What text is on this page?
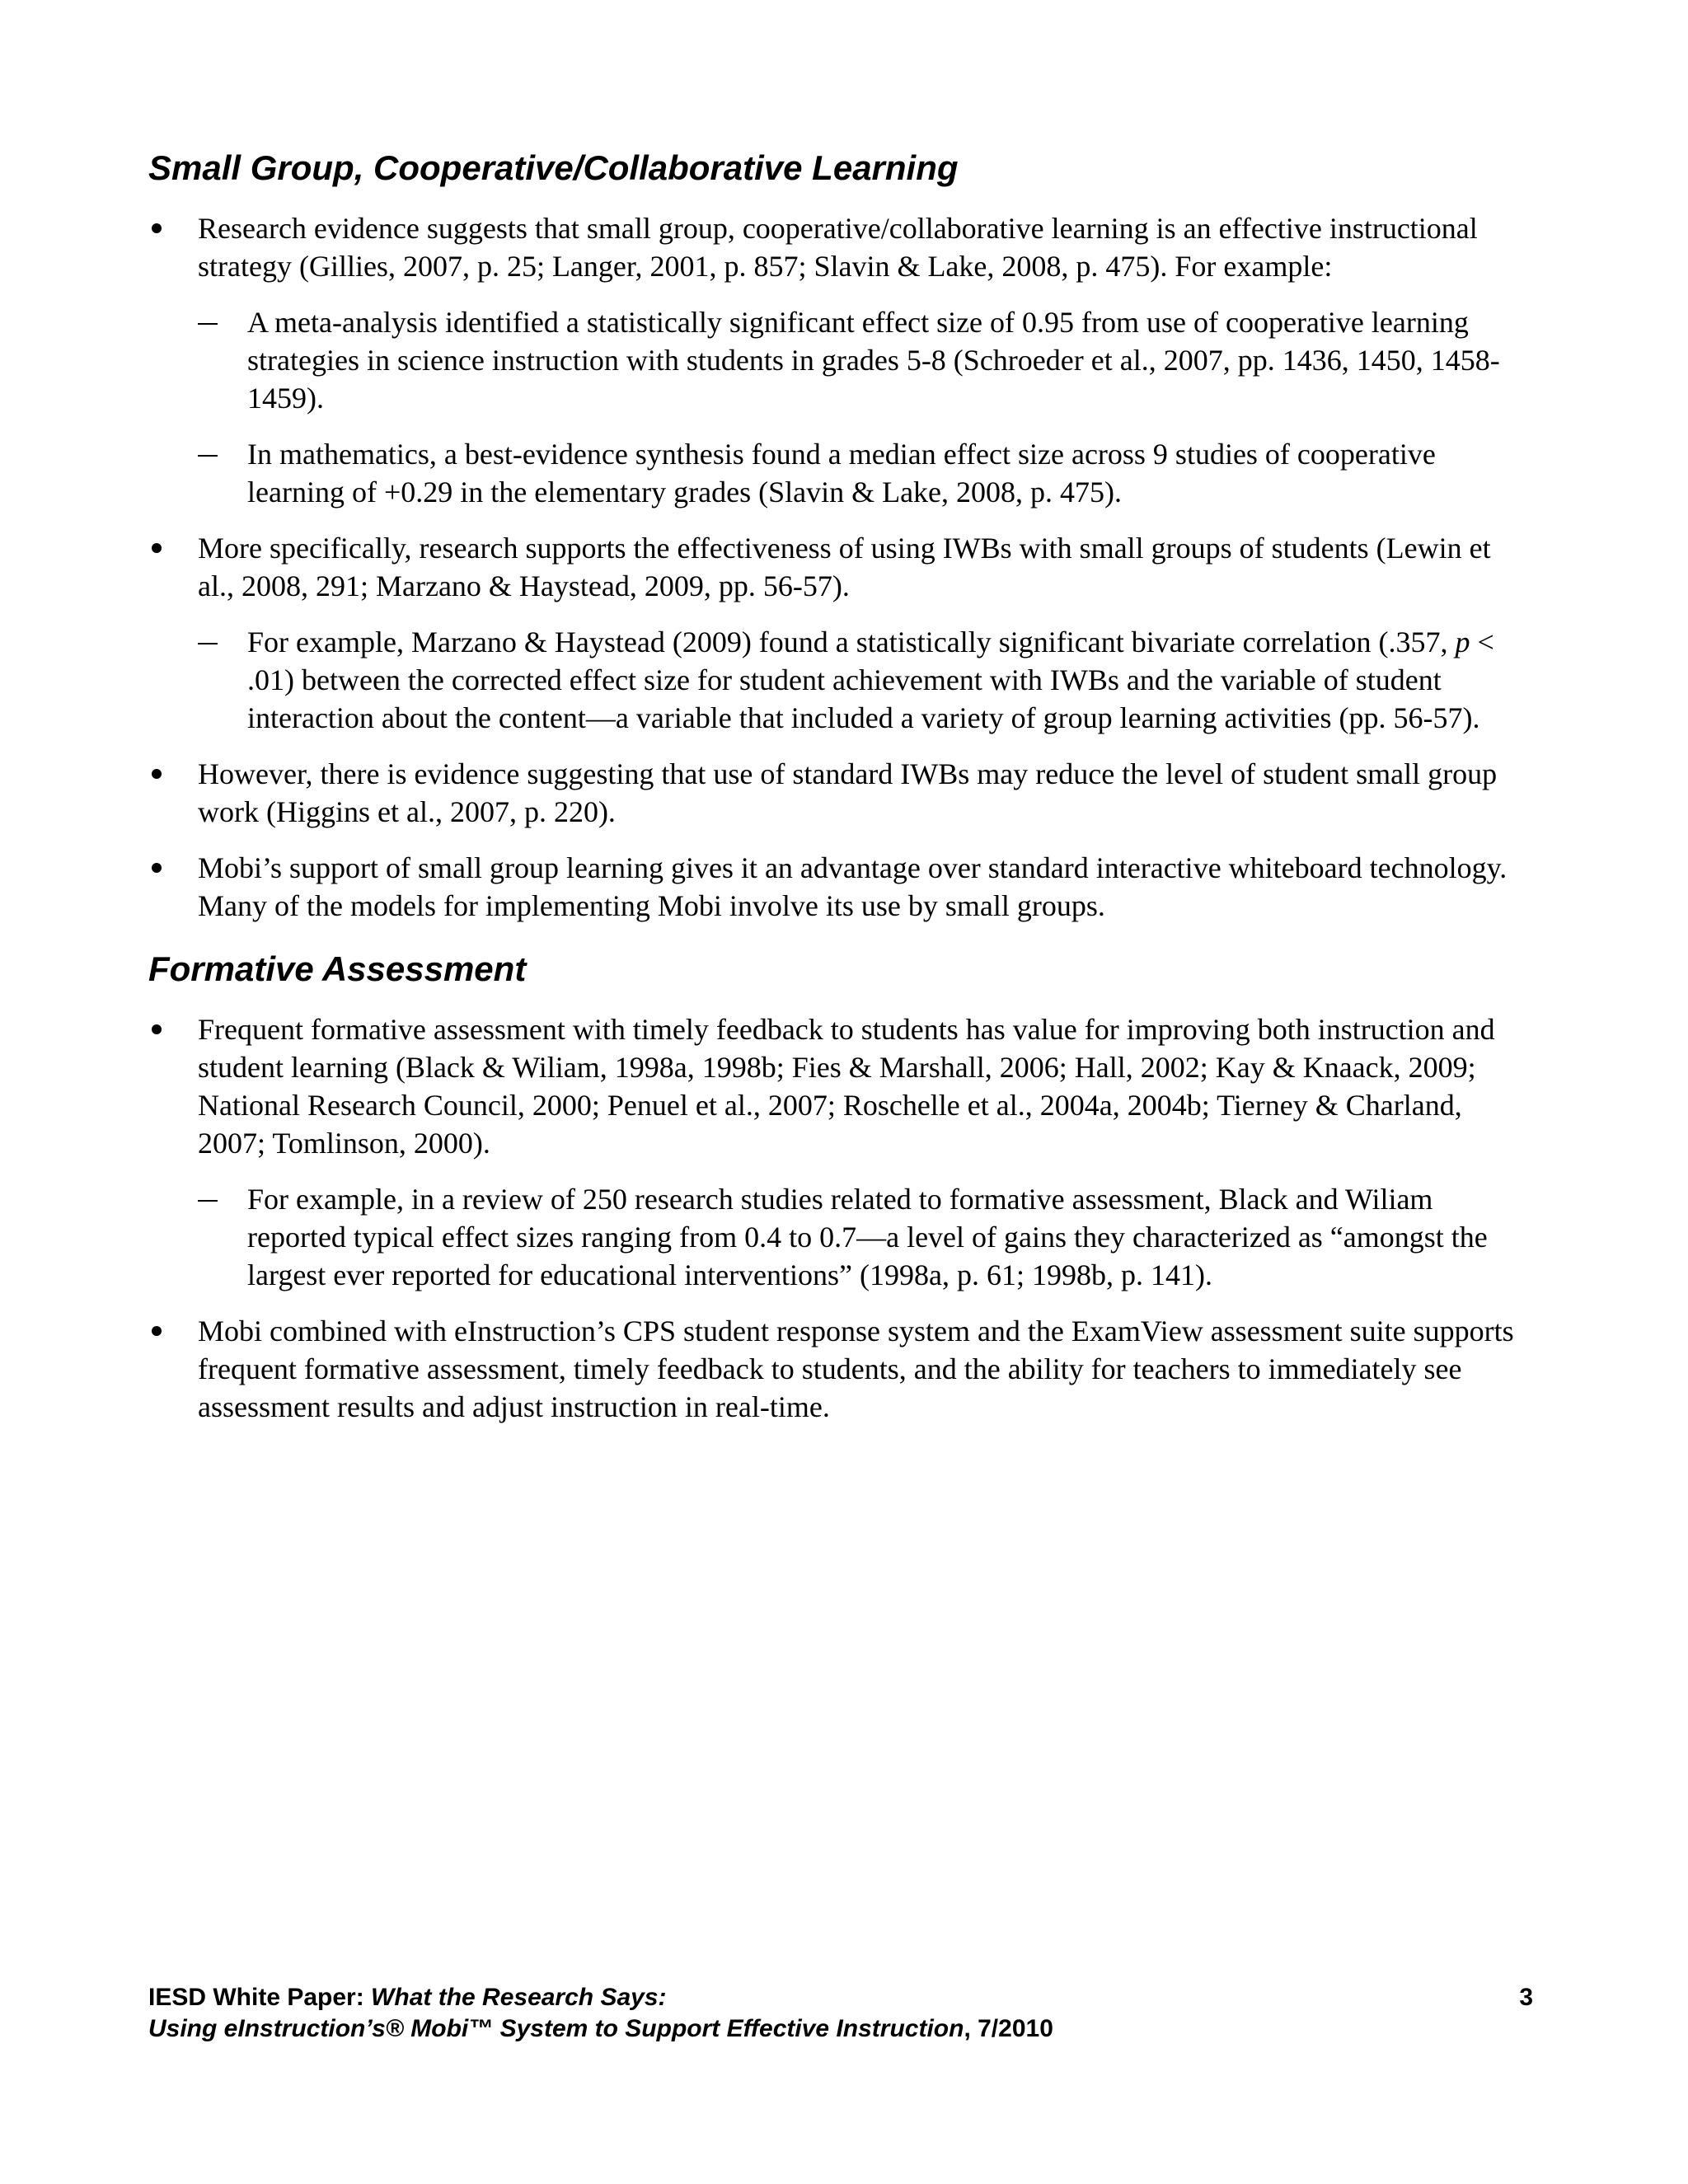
Small Group, Cooperative/Collaborative Learning
Research evidence suggests that small group, cooperative/collaborative learning is an effective instructional strategy (Gillies, 2007, p. 25; Langer, 2001, p. 857; Slavin & Lake, 2008, p. 475). For example:
A meta-analysis identified a statistically significant effect size of 0.95 from use of cooperative learning strategies in science instruction with students in grades 5-8 (Schroeder et al., 2007, pp. 1436, 1450, 1458-1459).
In mathematics, a best-evidence synthesis found a median effect size across 9 studies of cooperative learning of +0.29 in the elementary grades (Slavin & Lake, 2008, p. 475).
More specifically, research supports the effectiveness of using IWBs with small groups of students (Lewin et al., 2008, 291; Marzano & Haystead, 2009, pp. 56-57).
For example, Marzano & Haystead (2009) found a statistically significant bivariate correlation (.357, p < .01) between the corrected effect size for student achievement with IWBs and the variable of student interaction about the content—a variable that included a variety of group learning activities (pp. 56-57).
However, there is evidence suggesting that use of standard IWBs may reduce the level of student small group work (Higgins et al., 2007, p. 220).
Mobi’s support of small group learning gives it an advantage over standard interactive whiteboard technology. Many of the models for implementing Mobi involve its use by small groups.
Formative Assessment
Frequent formative assessment with timely feedback to students has value for improving both instruction and student learning (Black & Wiliam, 1998a, 1998b; Fies & Marshall, 2006; Hall, 2002; Kay & Knaack, 2009; National Research Council, 2000; Penuel et al., 2007; Roschelle et al., 2004a, 2004b; Tierney & Charland, 2007; Tomlinson, 2000).
For example, in a review of 250 research studies related to formative assessment, Black and Wiliam reported typical effect sizes ranging from 0.4 to 0.7—a level of gains they characterized as “amongst the largest ever reported for educational interventions” (1998a, p. 61; 1998b, p. 141).
Mobi combined with eInstruction’s CPS student response system and the ExamView assessment suite supports frequent formative assessment, timely feedback to students, and the ability for teachers to immediately see assessment results and adjust instruction in real-time.
IESD White Paper: What the Research Says:	3
Using eInstruction’s® Mobi™ System to Support Effective Instruction, 7/2010
